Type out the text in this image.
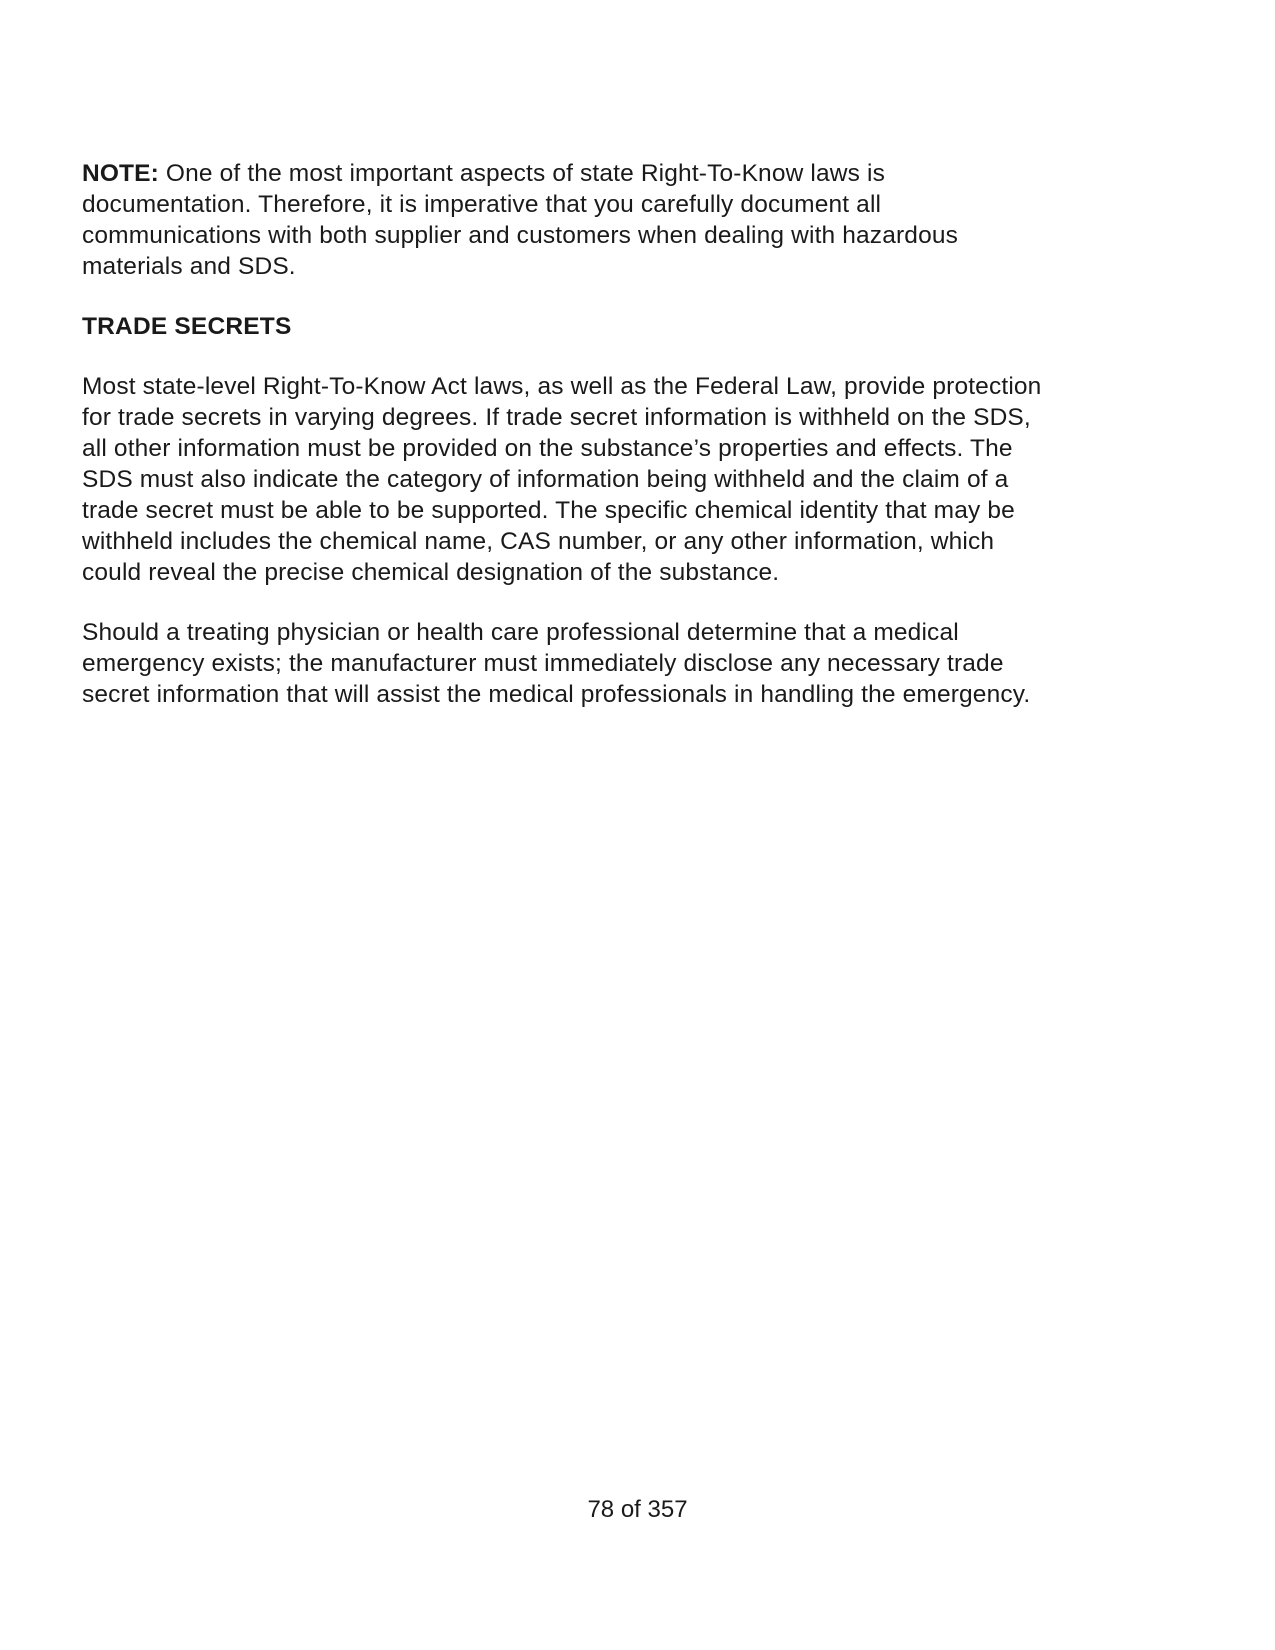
NOTE: One of the most important aspects of state Right-To-Know laws is
documentation. Therefore, it is imperative that you carefully document all
communications with both supplier and customers when dealing with hazardous
materials and SDS.

TRADE SECRETS

Most state-level Right-To-Know Act laws, as well as the Federal Law, provide protection
for trade secrets in varying degrees. If trade secret information is withheld on the SDS,
all other information must be provided on the substance’s properties and effects. The
SDS must also indicate the category of information being withheld and the claim of a
trade secret must be able to be supported. The specific chemical identity that may be
withheld includes the chemical name, CAS number, or any other information, which
could reveal the precise chemical designation of the substance.

Should a treating physician or health care professional determine that a medical
emergency exists; the manufacturer must immediately disclose any necessary trade
secret information that will assist the medical professionals in handling the emergency.

78 of 357
